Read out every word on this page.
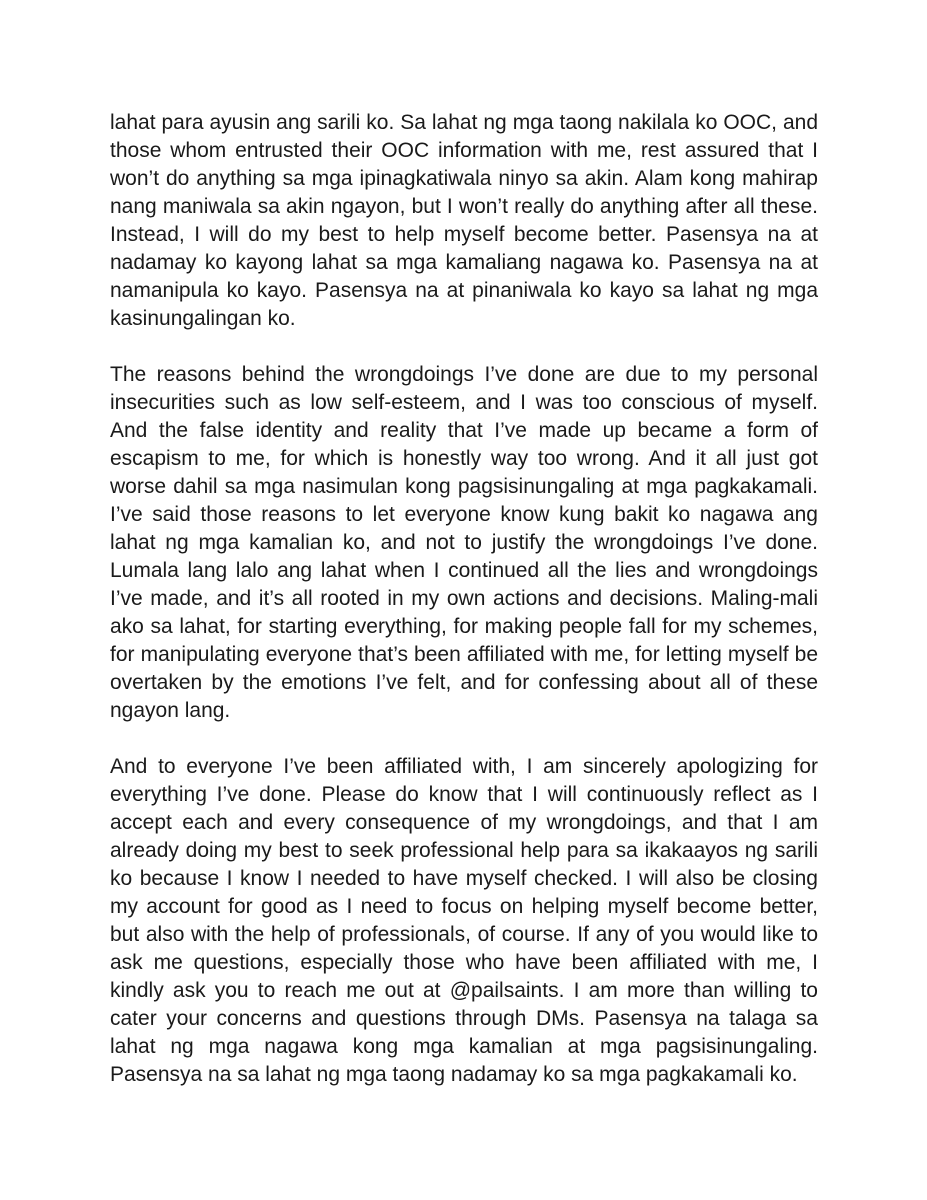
lahat para ayusin ang sarili ko. Sa lahat ng mga taong nakilala ko OOC, and those whom entrusted their OOC information with me, rest assured that I won’t do anything sa mga ipinagkatiwala ninyo sa akin. Alam kong mahirap nang maniwala sa akin ngayon, but I won’t really do anything after all these. Instead, I will do my best to help myself become better. Pasensya na at nadamay ko kayong lahat sa mga kamaliang nagawa ko. Pasensya na at namanipula ko kayo. Pasensya na at pinaniwala ko kayo sa lahat ng mga kasinungalingan ko.

The reasons behind the wrongdoings I’ve done are due to my personal insecurities such as low self-esteem, and I was too conscious of myself. And the false identity and reality that I’ve made up became a form of escapism to me, for which is honestly way too wrong. And it all just got worse dahil sa mga nasimulan kong pagsisinungaling at mga pagkakamali. I’ve said those reasons to let everyone know kung bakit ko nagawa ang lahat ng mga kamalian ko, and not to justify the wrongdoings I’ve done. Lumala lang lalo ang lahat when I continued all the lies and wrongdoings I’ve made, and it’s all rooted in my own actions and decisions. Maling-mali ako sa lahat, for starting everything, for making people fall for my schemes, for manipulating everyone that’s been affiliated with me, for letting myself be overtaken by the emotions I’ve felt, and for confessing about all of these ngayon lang.

And to everyone I’ve been affiliated with, I am sincerely apologizing for everything I’ve done. Please do know that I will continuously reflect as I accept each and every consequence of my wrongdoings, and that I am already doing my best to seek professional help para sa ikakaayos ng sarili ko because I know I needed to have myself checked. I will also be closing my account for good as I need to focus on helping myself become better, but also with the help of professionals, of course. If any of you would like to ask me questions, especially those who have been affiliated with me, I kindly ask you to reach me out at @pailsaints. I am more than willing to cater your concerns and questions through DMs. Pasensya na talaga sa lahat ng mga nagawa kong mga kamalian at mga pagsisinungaling. Pasensya na sa lahat ng mga taong nadamay ko sa mga pagkakamali ko.
